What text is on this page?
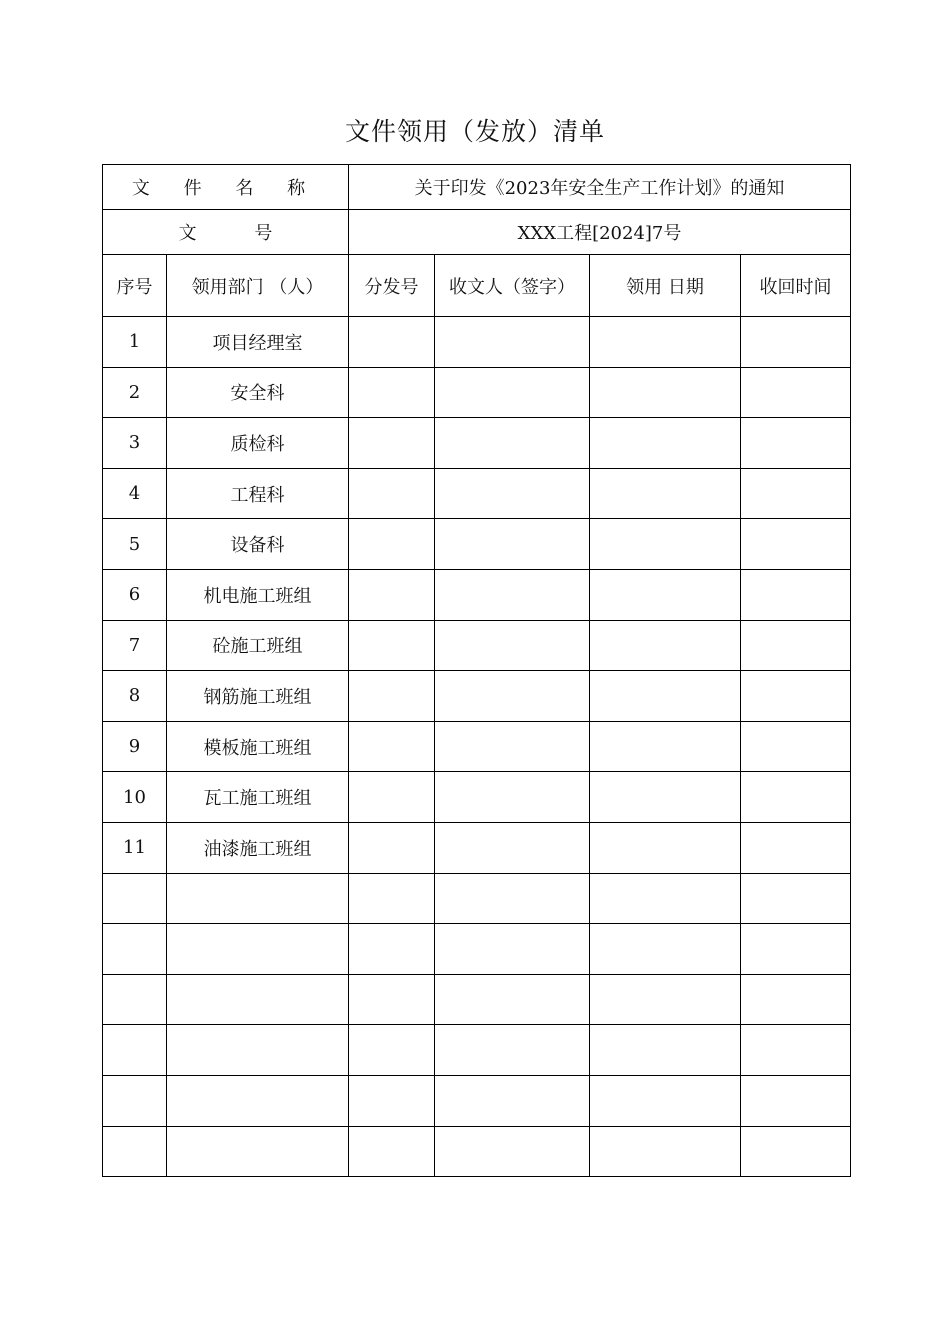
文件领用（发放）清单
文 件 名 称		关于印发《2023年安全生产工作计划》的通知			
文 号		XXX工程[2024]7号			
序号	领用部门 （人）	分发号	收文人（签字）	领用 日期	收回时间
1	项目经理室				
2	安全科				
3	质检科				
4	工程科				
5	设备科				
6	机电施工班组				
7	砼施工班组				
8	钢筋施工班组				
9	模板施工班组				
10	瓦工施工班组				
11	油漆施工班组				
